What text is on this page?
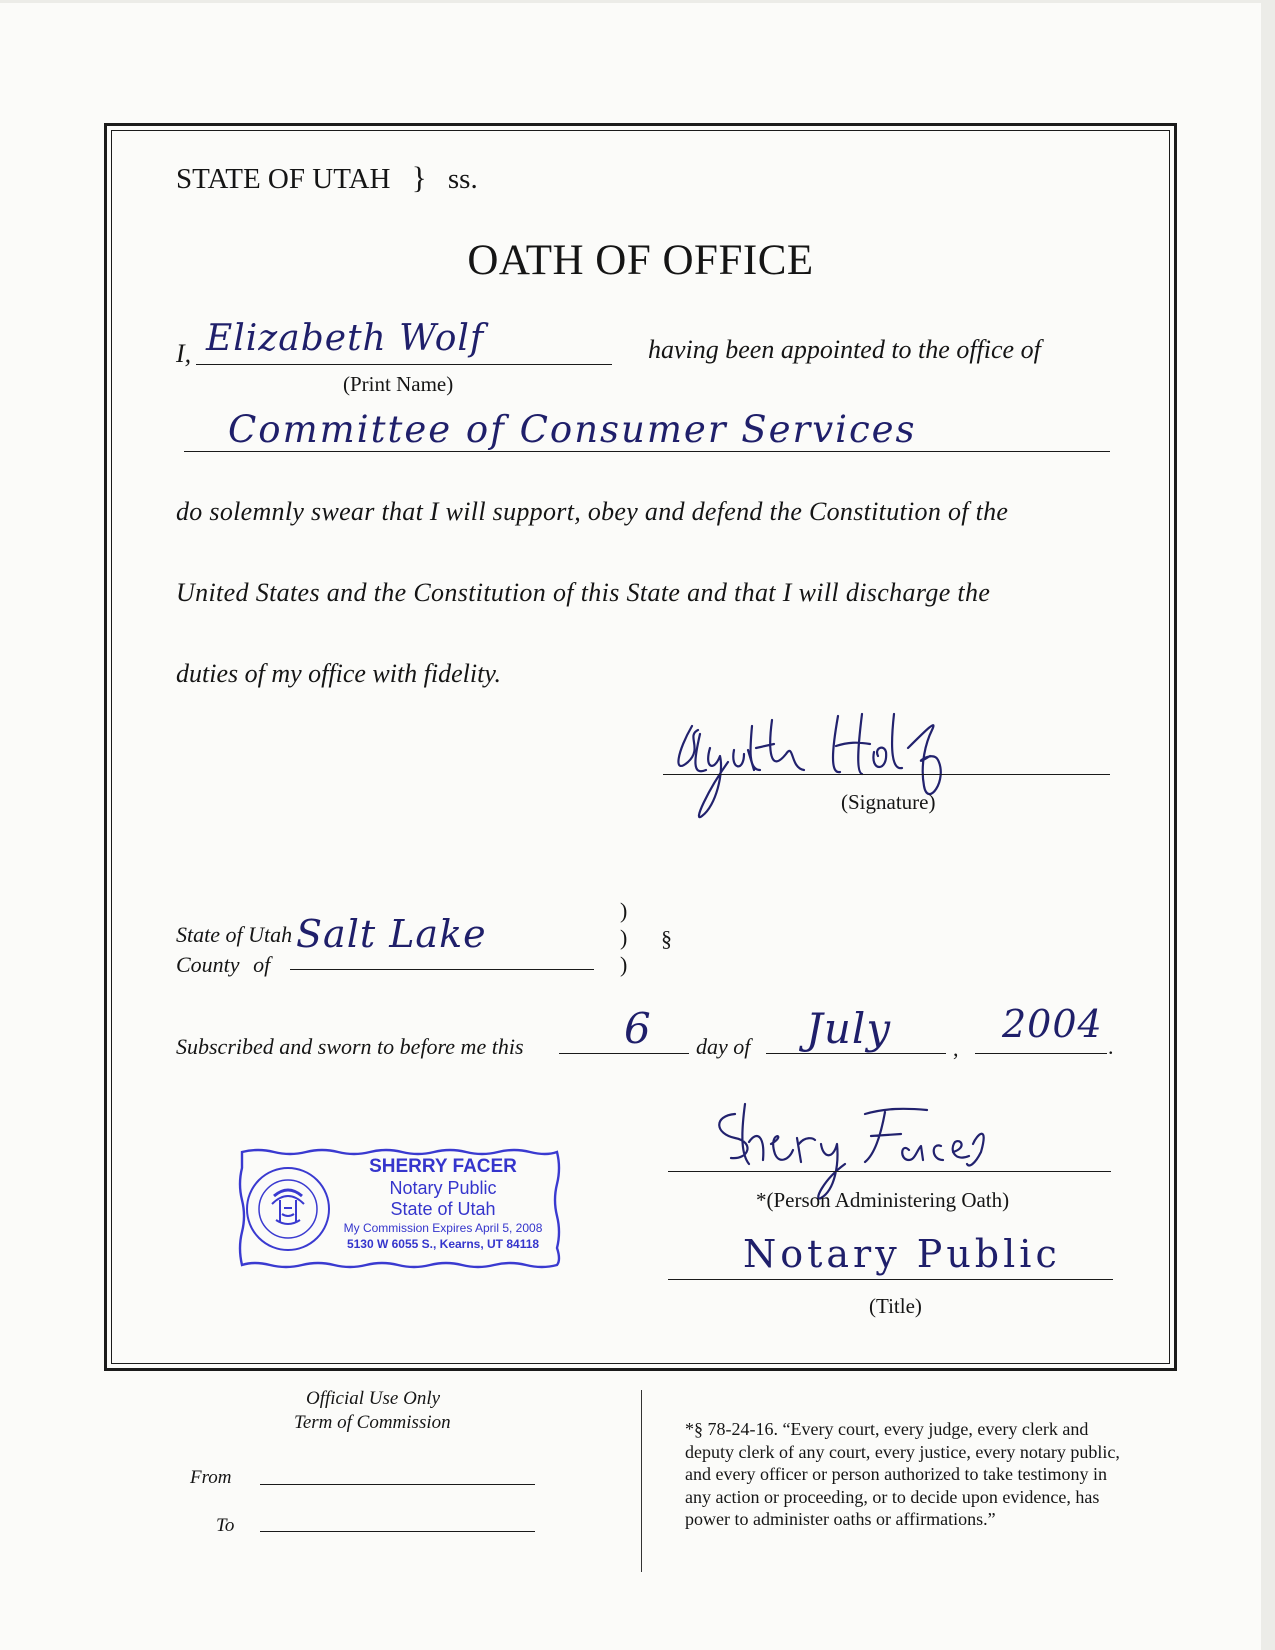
STATE OF UTAH } ss.
OATH OF OFFICE
I, Elizabeth Wolf
(Print Name)
having been appointed to the office of
Committee of Consumer Services
do solemnly swear that I will support, obey and defend the Constitution of the
United States and the Constitution of this State and that I will discharge the
duties of my office with fidelity.
(Signature)
State of Utah
County of
Salt Lake
)
)
)
§
Subscribed and sworn to before me this 6 day of July	,
2004
.
SHERRY FACER
Notary Public
State of Utah
My Commission Expires April 5, 2008
5130 W 6055 S., Kearns, UT 84118
*(Person Administering Oath)
Notary Public
(Title)
Official Use Only
Term of Commission
From
To
*§ 78-24-16. “Every court, every judge, every clerk and
deputy clerk of any court, every justice, every notary public,
and every officer or person authorized to take testimony in
any action or proceeding, or to decide upon evidence, has
power to administer oaths or affirmations.”
